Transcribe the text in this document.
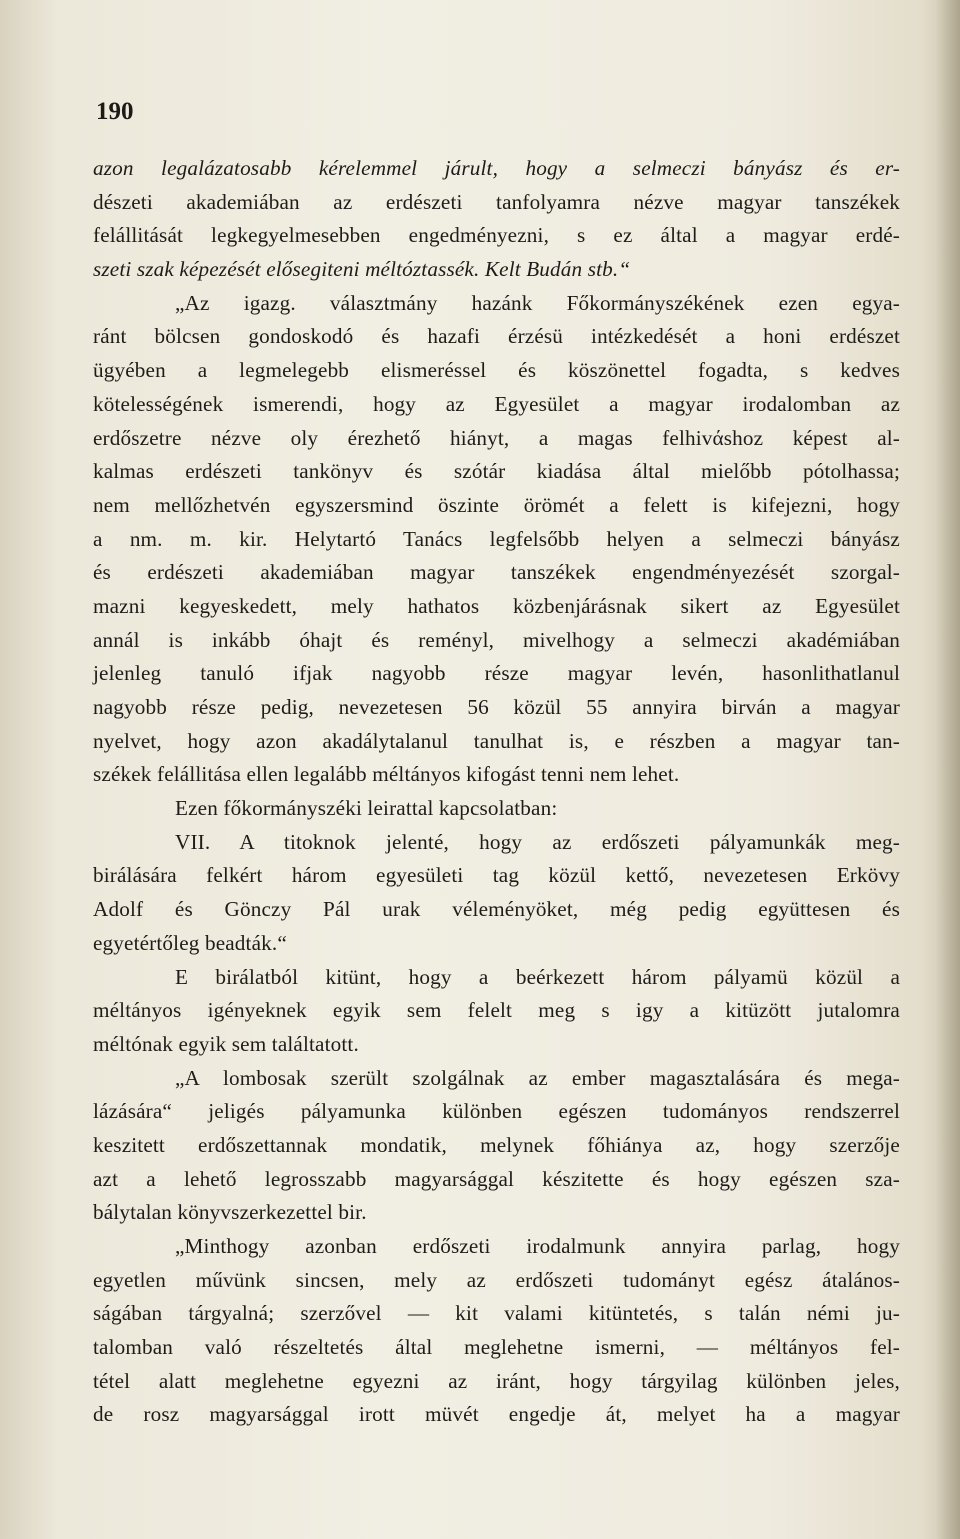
190
azon legalázatosabb kérelemmel járult, hogy a selmeczi bányász és er-
dészeti akademiában az erdészeti tanfolyamra nézve magyar tanszékek
felállitását legkegyelmesebben engedményezni, s ez által a magyar erdé-
szeti szak képezését elősegiteni méltóztassék. Kelt Budán stb.“
„Az igazg. választmány hazánk Főkormányszékének ezen egya-
ránt bölcsen gondoskodó és hazafi érzésü intézkedését a honi erdészet
ügyében a legmelegebb elismeréssel és köszönettel fogadta, s kedves
kötelességének ismerendi, hogy az Egyesület a magyar irodalomban az
erdőszetre nézve oly érezhető hiányt, a magas felhivάshoz képest al-
kalmas erdészeti tankönyv és szótár kiadása által mielőbb pótolhassa;
nem mellőzhetvén egyszersmind öszinte örömét a felett is kifejezni, hogy
a nm. m. kir. Helytartó Tanács legfelsőbb helyen a selmeczi bányász
és erdészeti akademiában magyar tanszékek engendményezését szorgal-
mazni kegyeskedett, mely hathatos közbenjárásnak sikert az Egyesület
annál is inkább óhajt és reményl, mivelhogy a selmeczi akadémiában
jelenleg tanuló ifjak nagyobb része magyar levén, hasonlithatlanul
nagyobb része pedig, nevezetesen 56 közül 55 annyira birván a magyar
nyelvet, hogy azon akadálytalanul tanulhat is, e részben a magyar tan-
székek felállitása ellen legalább méltányos kifogást tenni nem lehet.
Ezen főkormányszéki leirattal kapcsolatban:
VII. A titoknok jelenté, hogy az erdőszeti pályamunkák meg-
birálására felkért három egyesületi tag közül kettő, nevezetesen Erkövy
Adolf és Gönczy Pál urak véleményöket, még pedig együttesen és
egyetértőleg beadták.“
E birálatból kitünt, hogy a beérkezett három pályamü közül a
méltányos igényeknek egyik sem felelt meg s igy a kitüzött jutalomra
méltónak egyik sem találtatott.
„A lombosak szerült szolgálnak az ember magasztalására és mega-
lázására“ jeligés pályamunka különben egészen tudományos rendszerrel
keszitett erdőszettannak mondatik, melynek főhiánya az, hogy szerzője
azt a lehető legrosszabb magyarsággal készitette és hogy egészen sza-
bálytalan könyvszerkezettel bir.
„Minthogy azonban erdőszeti irodalmunk annyira parlag, hogy
egyetlen művünk sincsen, mely az erdőszeti tudományt egész átalános-
ságában tárgyalná; szerzővel — kit valami kitüntetés, s talán némi ju-
talomban való részeltetés által meglehetne ismerni, — méltányos fel-
tétel alatt meglehetne egyezni az iránt, hogy tárgyilag különben jeles,
de rosz magyarsággal irott müvét engedje át, melyet ha a magyar
